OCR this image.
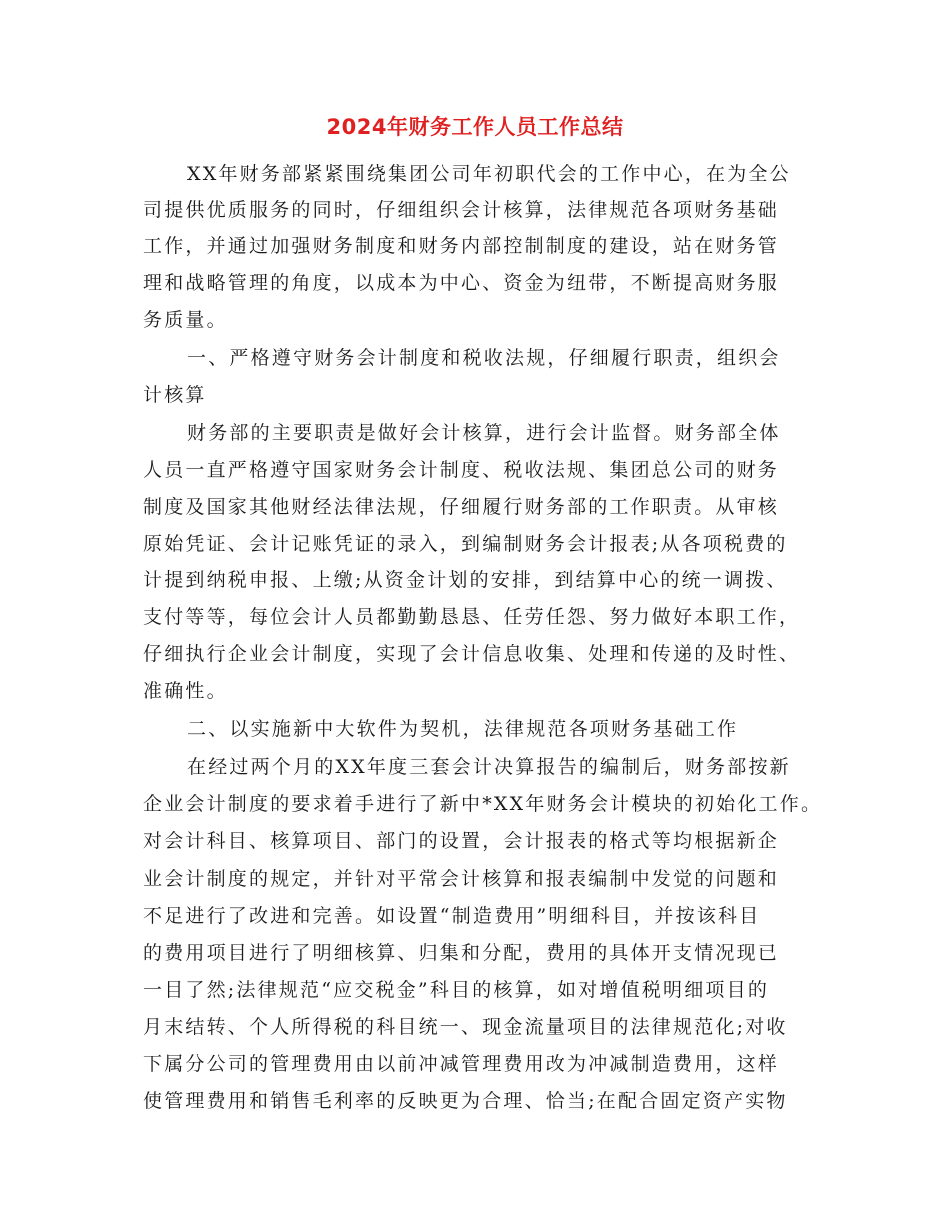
2024年财务工作人员工作总结
XX年财务部紧紧围绕集团公司年初职代会的工作中心，在为全公
司提供优质服务的同时，仔细组织会计核算，法律规范各项财务基础
工作，并通过加强财务制度和财务内部控制制度的建设，站在财务管
理和战略管理的角度，以成本为中心、资金为纽带，不断提高财务服
务质量。
一、严格遵守财务会计制度和税收法规，仔细履行职责，组织会
计核算
财务部的主要职责是做好会计核算，进行会计监督。财务部全体
人员一直严格遵守国家财务会计制度、税收法规、集团总公司的财务
制度及国家其他财经法律法规，仔细履行财务部的工作职责。从审核
原始凭证、会计记账凭证的录入，到编制财务会计报表;从各项税费的
计提到纳税申报、上缴;从资金计划的安排，到结算中心的统一调拨、
支付等等，每位会计人员都勤勤恳恳、任劳任怨、努力做好本职工作，
仔细执行企业会计制度，实现了会计信息收集、处理和传递的及时性、
准确性。
二、以实施新中大软件为契机，法律规范各项财务基础工作
在经过两个月的XX年度三套会计决算报告的编制后，财务部按新
企业会计制度的要求着手进行了新中*XX年财务会计模块的初始化工作。
对会计科目、核算项目、部门的设置，会计报表的格式等均根据新企
业会计制度的规定，并针对平常会计核算和报表编制中发觉的问题和
不足进行了改进和完善。如设置“制造费用”明细科目，并按该科目
的费用项目进行了明细核算、归集和分配，费用的具体开支情况现已
一目了然;法律规范“应交税金”科目的核算，如对增值税明细项目的
月末结转、个人所得税的科目统一、现金流量项目的法律规范化;对收
下属分公司的管理费用由以前冲减管理费用改为冲减制造费用，这样
使管理费用和销售毛利率的反映更为合理、恰当;在配合固定资产实物
